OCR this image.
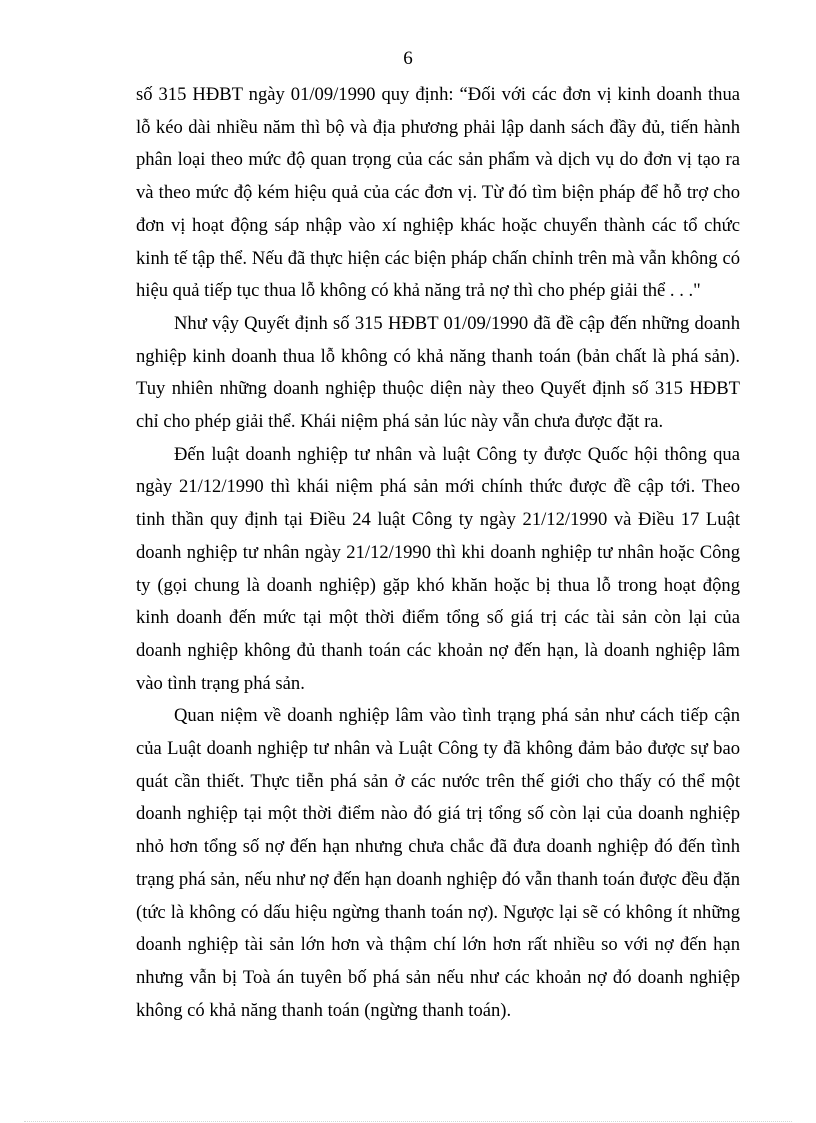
6

số 315 HĐBT ngày 01/09/1990 quy định: “Đối với các đơn vị kinh doanh thua lỗ kéo dài nhiều năm thì bộ và địa phương phải lập danh sách đầy đủ, tiến hành phân loại theo mức độ quan trọng của các sản phẩm và dịch vụ do đơn vị tạo ra và theo mức độ kém hiệu quả của các đơn vị. Từ đó tìm biện pháp để hỗ trợ cho đơn vị hoạt động sáp nhập vào xí nghiệp khác hoặc chuyển thành các tổ chức kinh tế tập thể. Nếu đã thực hiện các biện pháp chấn chỉnh trên mà vẫn không có hiệu quả tiếp tục thua lỗ không có khả năng trả nợ thì cho phép giải thể . . ."

Như vậy Quyết định số 315 HĐBT 01/09/1990 đã đề cập đến những doanh nghiệp kinh doanh thua lỗ không có khả năng thanh toán (bản chất là phá sản). Tuy nhiên những doanh nghiệp thuộc diện này theo Quyết định số 315 HĐBT chỉ cho phép giải thể. Khái niệm phá sản lúc này vẫn chưa được đặt ra.

Đến luật doanh nghiệp tư nhân và luật Công ty được Quốc hội thông qua ngày 21/12/1990 thì khái niệm phá sản mới chính thức được đề cập tới. Theo tinh thần quy định tại Điều 24 luật Công ty ngày 21/12/1990 và Điều 17 Luật doanh nghiệp tư nhân ngày 21/12/1990 thì khi doanh nghiệp tư nhân hoặc Công ty (gọi chung là doanh nghiệp) gặp khó khăn hoặc bị thua lỗ trong hoạt động kinh doanh đến mức tại một thời điểm tổng số giá trị các tài sản còn lại của doanh nghiệp không đủ thanh toán các khoản nợ đến hạn, là doanh nghiệp lâm vào tình trạng phá sản.

Quan niệm về doanh nghiệp lâm vào tình trạng phá sản như cách tiếp cận của Luật doanh nghiệp tư nhân và Luật Công ty đã không đảm bảo được sự bao quát cần thiết. Thực tiễn phá sản ở các nước trên thế giới cho thấy có thể một doanh nghiệp tại một thời điểm nào đó giá trị tổng số còn lại của doanh nghiệp nhỏ hơn tổng số nợ đến hạn nhưng chưa chắc đã đưa doanh nghiệp đó đến tình trạng phá sản, nếu như nợ đến hạn doanh nghiệp đó vẫn thanh toán được đều đặn (tức là không có dấu hiệu ngừng thanh toán nợ). Ngược lại sẽ có không ít những doanh nghiệp tài sản lớn hơn và thậm chí lớn hơn rất nhiều so với nợ đến hạn nhưng vẫn bị Toà án tuyên bố phá sản nếu như các khoản nợ đó doanh nghiệp không có khả năng thanh toán (ngừng thanh toán).
